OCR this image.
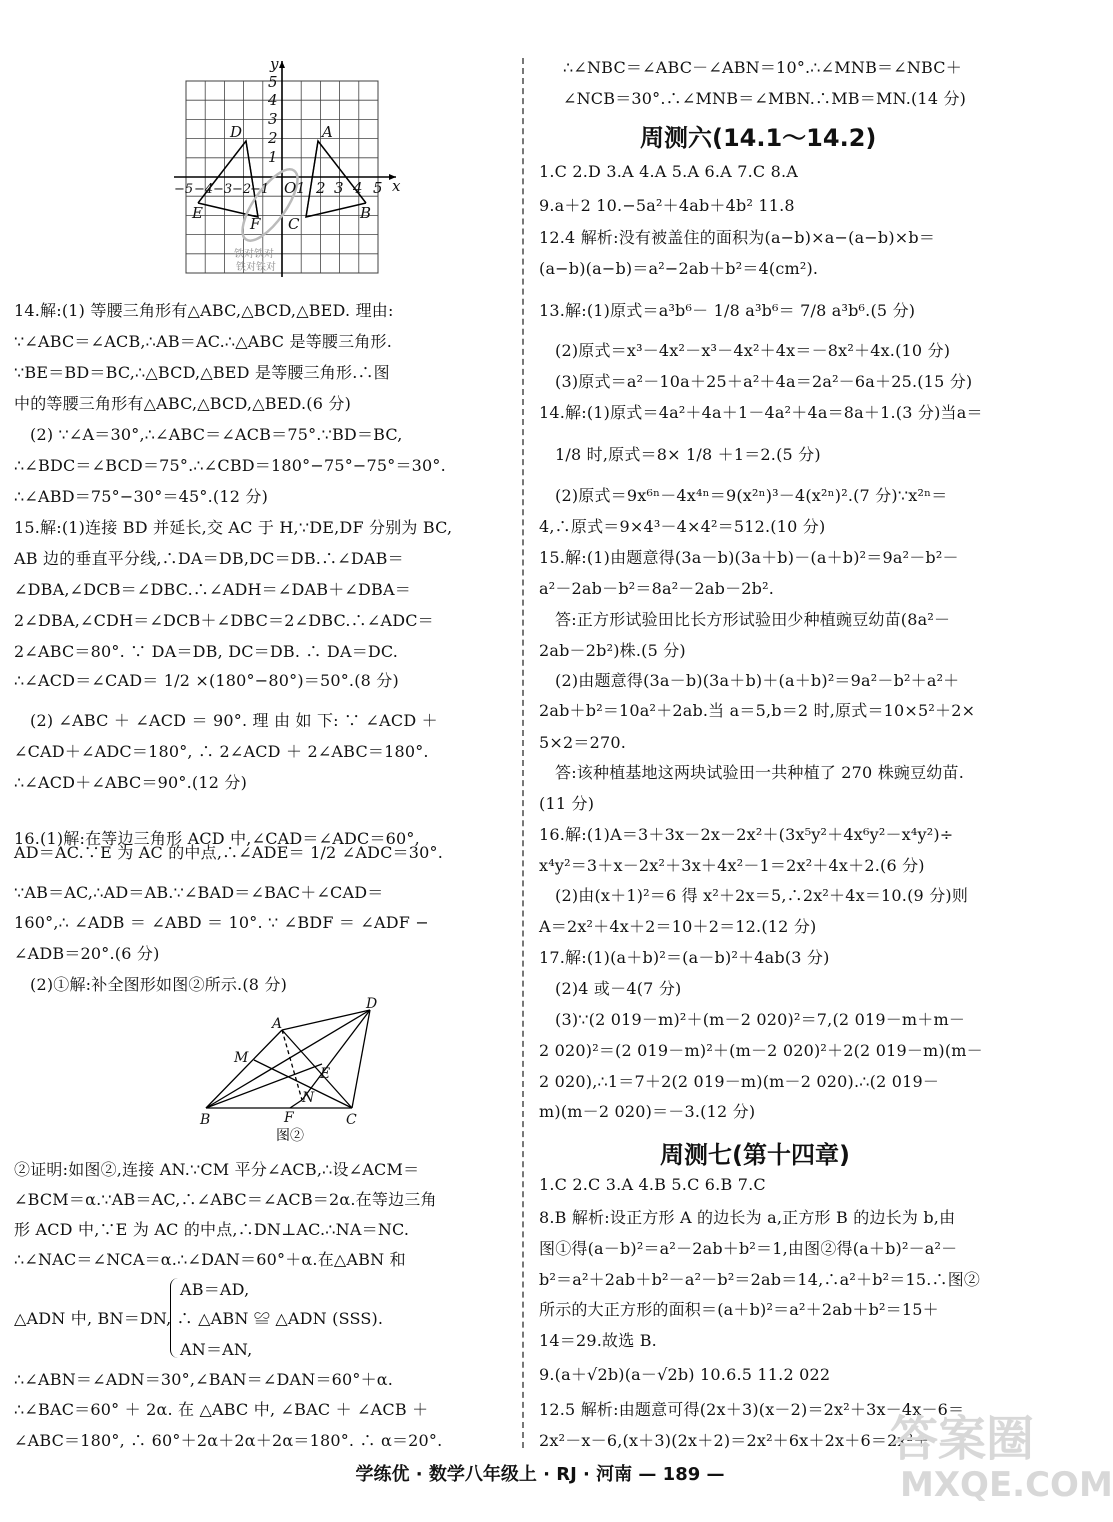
y
5
4
3
2
1
−5 −4 −3 −2
−1 O 1 2 3 4 5 x
D	A
E
F C
B
铁对铁对
铁对铁对
14.解:(1) 等腰三角形有△ABC,△BCD,△BED. 理由:
∵∠ABC＝∠ACB,∴AB＝AC.∴△ABC 是等腰三角形.
∵BE＝BD＝BC,∴△BCD,△BED 是等腰三角形.∴图
中的等腰三角形有△ABC,△BCD,△BED.(6 分)
(2) ∵∠A＝30°,∴∠ABC＝∠ACB＝75°.∵BD＝BC,
∴∠BDC＝∠BCD＝75°.∴∠CBD＝180°−75°−75°＝30°.
∴∠ABD＝75°−30°＝45°.(12 分)
15.解:(1)连接 BD 并延长,交 AC 于 H,∵DE,DF 分别为 BC,
AB 边的垂直平分线,∴DA＝DB,DC＝DB.∴∠DAB＝
∠DBA,∠DCB＝∠DBC.∴∠ADH＝∠DAB＋∠DBA＝
2∠DBA,∠CDH＝∠DCB＋∠DBC＝2∠DBC.∴∠ADC＝
2∠ABC＝80°. ∵ DA＝DB, DC＝DB. ∴ DA＝DC.
∴∠ACD＝∠CAD＝ 1/2 ×(180°−80°)＝50°.(8 分)
(2) ∠ABC ＋ ∠ACD ＝ 90°. 理 由 如 下: ∵ ∠ACD ＋
∠CAD＋∠ADC＝180°, ∴ 2∠ACD ＋ 2∠ABC＝180°.
∴∠ACD＋∠ABC＝90°.(12 分)
16.(1)解:在等边三角形 ACD 中,∠CAD＝∠ADC＝60°,
AD＝AC.∵E 为 AC 的中点,∴∠ADE＝ 1/2 ∠ADC＝30°.
∵AB＝AC,∴AD＝AB.∵∠BAD＝∠BAC＋∠CAD＝
160°,∴ ∠ADB ＝ ∠ABD ＝ 10°. ∵ ∠BDF ＝ ∠ADF −
∠ADB＝20°.(6 分)
(2)①解:补全图形如图②所示.(8 分)
D
A
M
E
N
B	F	C
图②
②证明:如图②,连接 AN.∵CM 平分∠ACB,∴设∠ACM＝
∠BCM＝α.∵AB＝AC,∴∠ABC＝∠ACB＝2α.在等边三角
形 ACD 中,∵E 为 AC 的中点,∴DN⊥AC.∴NA＝NC.
∴∠NAC＝∠NCA＝α.∴∠DAN＝60°＋α.在△ABN 和
AB＝AD,
△ADN 中, BN＝DN, ∴ △ABN ≌ △ADN (SSS).
AN＝AN,
∴∠ABN＝∠ADN＝30°,∠BAN＝∠DAN＝60°＋α.
∴∠BAC＝60° ＋ 2α. 在 △ABC 中, ∠BAC ＋ ∠ACB ＋
∠ABC＝180°, ∴ 60°＋2α＋2α＋2α＝180°. ∴ α＝20°.
∴∠NBC＝∠ABC－∠ABN＝10°.∴∠MNB＝∠NBC＋
∠NCB＝30°.∴∠MNB＝∠MBN.∴MB＝MN.(14 分)
周测六(14.1～14.2)
1.C 2.D 3.A 4.A 5.A 6.A 7.C 8.A
9.a＋2 10.−5a²＋4ab＋4b² 11.8
12.4 解析:没有被盖住的面积为(a−b)×a−(a−b)×b＝
(a−b)(a−b)＝a²−2ab＋b²＝4(cm²).
13.解:(1)原式＝a³b⁶－ 1/8 a³b⁶＝ 7/8 a³b⁶.(5 分)
(2)原式＝x³－4x²－x³－4x²＋4x＝－8x²＋4x.(10 分)
(3)原式＝a²－10a＋25＋a²＋4a＝2a²－6a＋25.(15 分)
14.解:(1)原式＝4a²＋4a＋1－4a²＋4a＝8a＋1.(3 分)当a＝
1/8 时,原式＝8× 1/8 ＋1＝2.(5 分)
(2)原式＝9x⁶ⁿ－4x⁴ⁿ＝9(x²ⁿ)³－4(x²ⁿ)².(7 分)∵x²ⁿ＝
4,∴原式＝9×4³－4×4²＝512.(10 分)
15.解:(1)由题意得(3a－b)(3a＋b)－(a＋b)²＝9a²－b²－
a²－2ab－b²＝8a²－2ab－2b².
答:正方形试验田比长方形试验田少种植豌豆幼苗(8a²－
2ab－2b²)株.(5 分)
(2)由题意得(3a－b)(3a＋b)＋(a＋b)²＝9a²－b²＋a²＋
2ab＋b²＝10a²＋2ab.当 a＝5,b＝2 时,原式＝10×5²＋2×
5×2＝270.
答:该种植基地这两块试验田一共种植了 270 株豌豆幼苗.
(11 分)
16.解:(1)A＝3＋3x－2x－2x²＋(3x⁵y²＋4x⁶y²－x⁴y²)÷
x⁴y²＝3＋x－2x²＋3x＋4x²－1＝2x²＋4x＋2.(6 分)
(2)由(x＋1)²＝6 得 x²＋2x＝5,∴2x²＋4x＝10.(9 分)则
A＝2x²＋4x＋2＝10＋2＝12.(12 分)
17.解:(1)(a＋b)²＝(a－b)²＋4ab(3 分)
(2)4 或－4(7 分)
(3)∵(2 019－m)²＋(m－2 020)²＝7,(2 019－m＋m－
2 020)²＝(2 019－m)²＋(m－2 020)²＋2(2 019－m)(m－
2 020),∴1＝7＋2(2 019－m)(m－2 020).∴(2 019－
m)(m－2 020)＝－3.(12 分)
周测七(第十四章)
1.C 2.C 3.A 4.B 5.C 6.B 7.C
8.B 解析:设正方形 A 的边长为 a,正方形 B 的边长为 b,由
图①得(a－b)²＝a²－2ab＋b²＝1,由图②得(a＋b)²－a²－
b²＝a²＋2ab＋b²－a²－b²＝2ab＝14,∴a²＋b²＝15.∴图②
所示的大正方形的面积＝(a＋b)²＝a²＋2ab＋b²＝15＋
14＝29.故选 B.
9.(a＋√2b)(a－√2b) 10.6.5 11.2 022
12.5 解析:由题意可得(2x＋3)(x－2)＝2x²＋3x－4x－6＝
2x²－x－6,(x＋3)(2x＋2)＝2x²＋6x＋2x＋6＝2x²＋
答案圈
MXQE.COM
学练优 · 数学八年级上 · RJ · 河南 — 189 —
